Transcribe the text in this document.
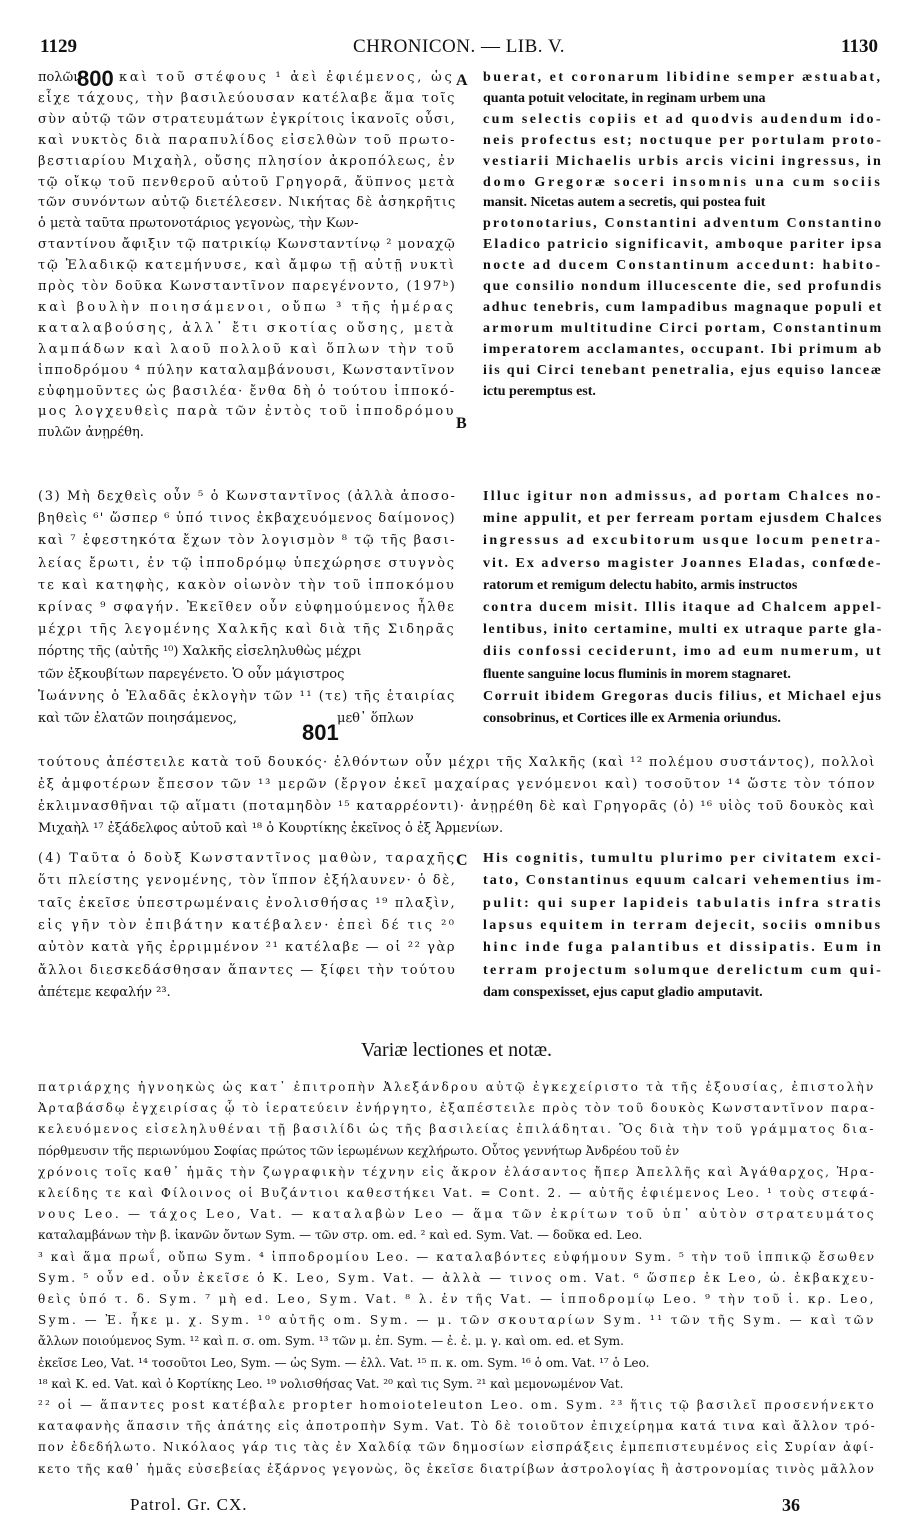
1129	CHRONICON. — LIB. V.	1130
πολῶν	καὶ τοῦ στέφους ¹ ἀεὶ ἐφιέμενος, ὡς
εἶχε τάχους, τὴν βασιλεύουσαν κατέλαβε ἅμα τοῖς
σὺν αὐτῷ τῶν στρατευμάτων ἐγκρίτοις ἱκανοῖς οὖσι,
καὶ νυκτὸς διὰ παραπυλίδος εἰσελθὼν τοῦ πρωτο-
βεστιαρίου Μιχαὴλ, οὔσης πλησίον ἀκροπόλεως, ἐν
τῷ οἴκῳ τοῦ πενθεροῦ αὐτοῦ Γρηγορᾶ, ἄϋπνος μετὰ
τῶν συνόντων αὐτῷ διετέλεσεν. Νικήτας δὲ ἀσηκρῆτις
ὁ μετὰ ταῦτα πρωτονοτάριος γεγονὼς, τὴν Κων-
σταντίνου ἄφιξιν τῷ πατρικίῳ Κωνσταντίνῳ ² μοναχῷ
τῷ Ἐλαδικῷ κατεμήνυσε, καὶ ἄμφω τῇ αὐτῇ νυκτὶ
πρὸς τὸν δοῦκα Κωνσταντῖνον παρεγένοντο, (197ᵇ)
καὶ βουλὴν ποιησάμενοι, οὔπω ³ τῆς ἡμέρας
καταλαβούσης, ἀλλ᾽ ἔτι σκοτίας οὔσης, μετὰ
λαμπάδων καὶ λαοῦ πολλοῦ καὶ ὅπλων τὴν τοῦ
ἱπποδρόμου ⁴ πύλην καταλαμβάνουσι, Κωνσταντῖνον
εὐφημοῦντες ὡς βασιλέα· ἔνθα δὴ ὁ τούτου ἱπποκό-
μος λογχευθεὶς παρὰ τῶν ἐντὸς τοῦ ἱπποδρόμου
πυλῶν ἀνῃρέθη.
buerat, et coronarum libidine semper æstuabat,
quanta potuit velocitate, in reginam urbem una
cum selectis copiis et ad quodvis audendum ido-
neis profectus est; noctuque per portulam proto-
vestiarii Michaelis urbis arcis vicini ingressus, in
domo Gregoræ soceri insomnis una cum sociis
mansit. Nicetas autem a secretis, qui postea fuit
protonotarius, Constantini adventum Constantino
Eladico patricio significavit, amboque pariter ipsa
nocte ad ducem Constantinum accedunt: habito-
que consilio nondum illucescente die, sed profundis
adhuc tenebris, cum lampadibus magnaque populi et
armorum multitudine Circi portam, Constantinum
imperatorem acclamantes, occupant. Ibi primum ab
iis qui Circi tenebant penetralia, ejus equiso lanceæ
ictu peremptus est.
(3) Μὴ δεχθεὶς οὖν ⁵ ὁ Κωνσταντῖνος (ἀλλὰ ἀποσο-
βηθεὶς ⁶' ὥσπερ ⁶ ὑπό τινος ἐκβαχευόμενος δαίμονος)
καὶ ⁷ ἐφεστηκότα ἔχων τὸν λογισμὸν ⁸ τῷ τῆς βασι-
λείας ἔρωτι, ἐν τῷ ἱπποδρόμῳ ὑπεχώρησε στυγνὸς
τε καὶ κατηφὴς, κακὸν οἰωνὸν τὴν τοῦ ἱπποκόμου
κρίνας ⁹ σφαγήν. Ἐκεῖθεν οὖν εὐφημούμενος ἦλθε
μέχρι τῆς λεγομένης Χαλκῆς καὶ διὰ τῆς Σιδηρᾶς
πόρτης τῆς (αὐτῆς ¹⁰) Χαλκῆς εἰσεληλυθὼς μέχρι
τῶν ἐξκουβίτων παρεγένετο. Ὁ οὖν μάγιστρος
Ἰωάννης ὁ Ἐλαδᾶς ἐκλογὴν τῶν ¹¹ (τε) τῆς ἑταιρίας
καὶ τῶν ἐλατῶν ποιησάμενος,	μεθ᾽ ὅπλων
Illuc igitur non admissus, ad portam Chalces no-
mine appulit, et per ferream portam ejusdem Chalces
ingressus ad excubitorum usque locum penetra-
vit. Ex adverso magister Joannes Eladas, confœde-
ratorum et remigum delectu habito, armis instructos
contra ducem misit. Illis itaque ad Chalcem appel-
lentibus, inito certamine, multi ex utraque parte gla-
diis confossi ceciderunt, imo ad eum numerum, ut
fluente sanguine locus fluminis in morem stagnaret.
Corruit ibidem Gregoras ducis filius, et Michael ejus
consobrinus, et Cortices ille ex Armenia oriundus.
τούτους ἀπέστειλε κατὰ τοῦ δουκός· ἐλθόντων οὖν μέχρι τῆς Χαλκῆς (καὶ ¹² πολέμου συστάντος), πολλοὶ
ἐξ ἀμφοτέρων ἔπεσον τῶν ¹³ μερῶν (ἔργον ἐκεῖ μαχαίρας γενόμενοι καὶ) τοσοῦτον ¹⁴ ὥστε τὸν τόπον
ἐκλιμνασθῆναι τῷ αἵματι (ποταμηδὸν ¹⁵ καταρρέοντι)· ἀνῃρέθη δὲ καὶ Γρηγορᾶς (ὁ) ¹⁶ υἱὸς τοῦ δουκὸς καὶ
Μιχαὴλ ¹⁷ ἐξάδελφος αὐτοῦ καὶ ¹⁸ ὁ Κουρτίκης ἐκεῖνος ὁ ἐξ Ἀρμενίων.
(4) Ταῦτα ὁ δοὺξ Κωνσταντῖνος μαθὼν, ταραχῆς
ὅτι πλείστης γενομένης, τὸν ἵππον ἐξήλαυνεν· ὁ δὲ,
ταῖς ἐκεῖσε ὑπεστρωμέναις ἐνολισθήσας ¹⁹ πλαξὶν,
εἰς γῆν τὸν ἐπιβάτην κατέβαλεν· ἐπεὶ δέ τις ²⁰
αὐτὸν κατὰ γῆς ἐρριμμένον ²¹ κατέλαβε — οἱ ²² γὰρ
ἄλλοι διεσκεδάσθησαν ἅπαντες — ξίφει τὴν τούτου
ἀπέτεμε κεφαλήν ²³.
His cognitis, tumultu plurimo per civitatem exci-
tato, Constantinus equum calcari vehementius im-
pulit: qui super lapideis tabulatis infra stratis
lapsus equitem in terram dejecit, sociis omnibus
hinc inde fuga palantibus et dissipatis. Eum in
terram projectum solumque derelictum cum qui-
dam conspexisset, ejus caput gladio amputavit.
πατριάρχης ἠγνοηκὼς ὡς κατ᾽ ἐπιτροπὴν Ἀλεξάνδρου αὐτῷ ἐγκεχείριστο τὰ τῆς ἐξουσίας, ἐπιστολὴν
Ἀρταβάσδῳ ἐγχειρίσας ᾧ τὸ ἱερατεύειν ἐνήργητο, ἐξαπέστειλε πρὸς τὸν τοῦ δουκὸς Κωνσταντῖνον παρα-
κελευόμενος εἰσεληλυθέναι τῇ βασιλίδι ὡς τῆς βασιλείας ἐπιλάδηται. Ὃς διὰ τὴν τοῦ γράμματος δια-
πόρθμευσιν τῆς περιωνύμου Σοφίας πρώτος τῶν ἱερωμένων κεχλήρωτο. Οὗτος γεννήτωρ Ἀνδρέου τοῦ ἐν
χρόνοις τοῖς καθ᾽ ἡμᾶς τὴν ζωγραφικὴν τέχνην εἰς ἄκρον ἐλάσαντος ἤπερ Ἀπελλῆς καὶ Ἀγάθαρχος, Ἡρα-
κλείδης τε καὶ Φίλοινος οἱ Βυζάντιοι καθεστήκει Vat. = Cont. 2. — αὐτῆς ἐφιέμενος Leo. ¹ τοὺς στεφά-
νους Leo. — τάχος Leo, Vat. — καταλαβὼν Leo — ἅμα τῶν ἐκρίτων τοῦ ὑπ᾽ αὐτὸν στρατευμάτος
καταλαμβάνων τὴν β. ἱκανῶν ὄντων Sym. — τῶν στρ. om. ed. ² καὶ ed. Sym. Vat. — δοῦκα ed. Leo.
³ καὶ ἅμα πρωΐ, οὔπω Sym. ⁴ ἱπποδρομίου Leo. — καταλαβόντες εὐφήμουν Sym. ⁵ τὴν τοῦ ἱππικῷ ἔσωθεν
Sym. ⁵ οὖν ed. οὖν ἐκεῖσε ὁ Κ. Leo, Sym. Vat. — ἀλλὰ — τινος om. Vat. ⁶ ὥσπερ ἐκ Leo, ὡ. ἐκβακχευ-
θεὶς ὑπό τ. δ. Sym. ⁷ μὴ ed. Leo, Sym. Vat. ⁸ λ. ἐν τῆς Vat. — ἱπποδρομίῳ Leo. ⁹ τὴν τοῦ ἱ. κρ. Leo,
Sym. — Ἐ. ἧκε μ. χ. Sym. ¹⁰ αὐτῆς om. Sym. — μ. τῶν σκουταρίων Sym. ¹¹ τῶν τῆς Sym. — καὶ τῶν
ἄλλων ποιούμενος Sym. ¹² καὶ π. σ. om. Sym. ¹³ τῶν μ. ἐπ. Sym. — ἐ. ἐ. μ. γ. καὶ om. ed. et Sym.
ἐκεῖσε Leo, Vat. ¹⁴ τοσοῦτοι Leo, Sym. — ὡς Sym. — ἐλλ. Vat. ¹⁵ π. κ. om. Sym. ¹⁶ ὁ om. Vat. ¹⁷ ὁ Leo.
¹⁸ καὶ Κ. ed. Vat. καὶ ὁ Κορτίκης Leo. ¹⁹ νολισθήσας Vat. ²⁰ καὶ τις Sym. ²¹ καὶ μεμονωμένον Vat.
²² οἱ — ἅπαντες post κατέβαλε propter homoioteleuton Leo. om. Sym. ²³ ἥτις τῷ βασιλεῖ προσενήνεκτο
καταφανὴς ἅπασιν τῆς ἀπάτης εἰς ἀποτροπὴν Sym. Vat. Τὸ δὲ τοιοῦτον ἐπιχείρημα κατά τινα καὶ ἄλλον τρό-
πον ἐδεδήλωτο. Νικόλαος γάρ τις τὰς ἐν Χαλδίᾳ τῶν δημοσίων εἰσπράξεις ἐμπεπιστευμένος εἰς Συρίαν ἀφί-
κετο τῆς καθ᾽ ἡμᾶς εὐσεβείας ἐξάρνος γεγονὼς, ὃς ἐκεῖσε διατρίβων ἀστρολογίας ἢ ἀστρονομίας τινὸς μᾶλλον
800	A
B
801
C
Variæ lectiones et notæ.
Patrol. Gr. CX.	36
